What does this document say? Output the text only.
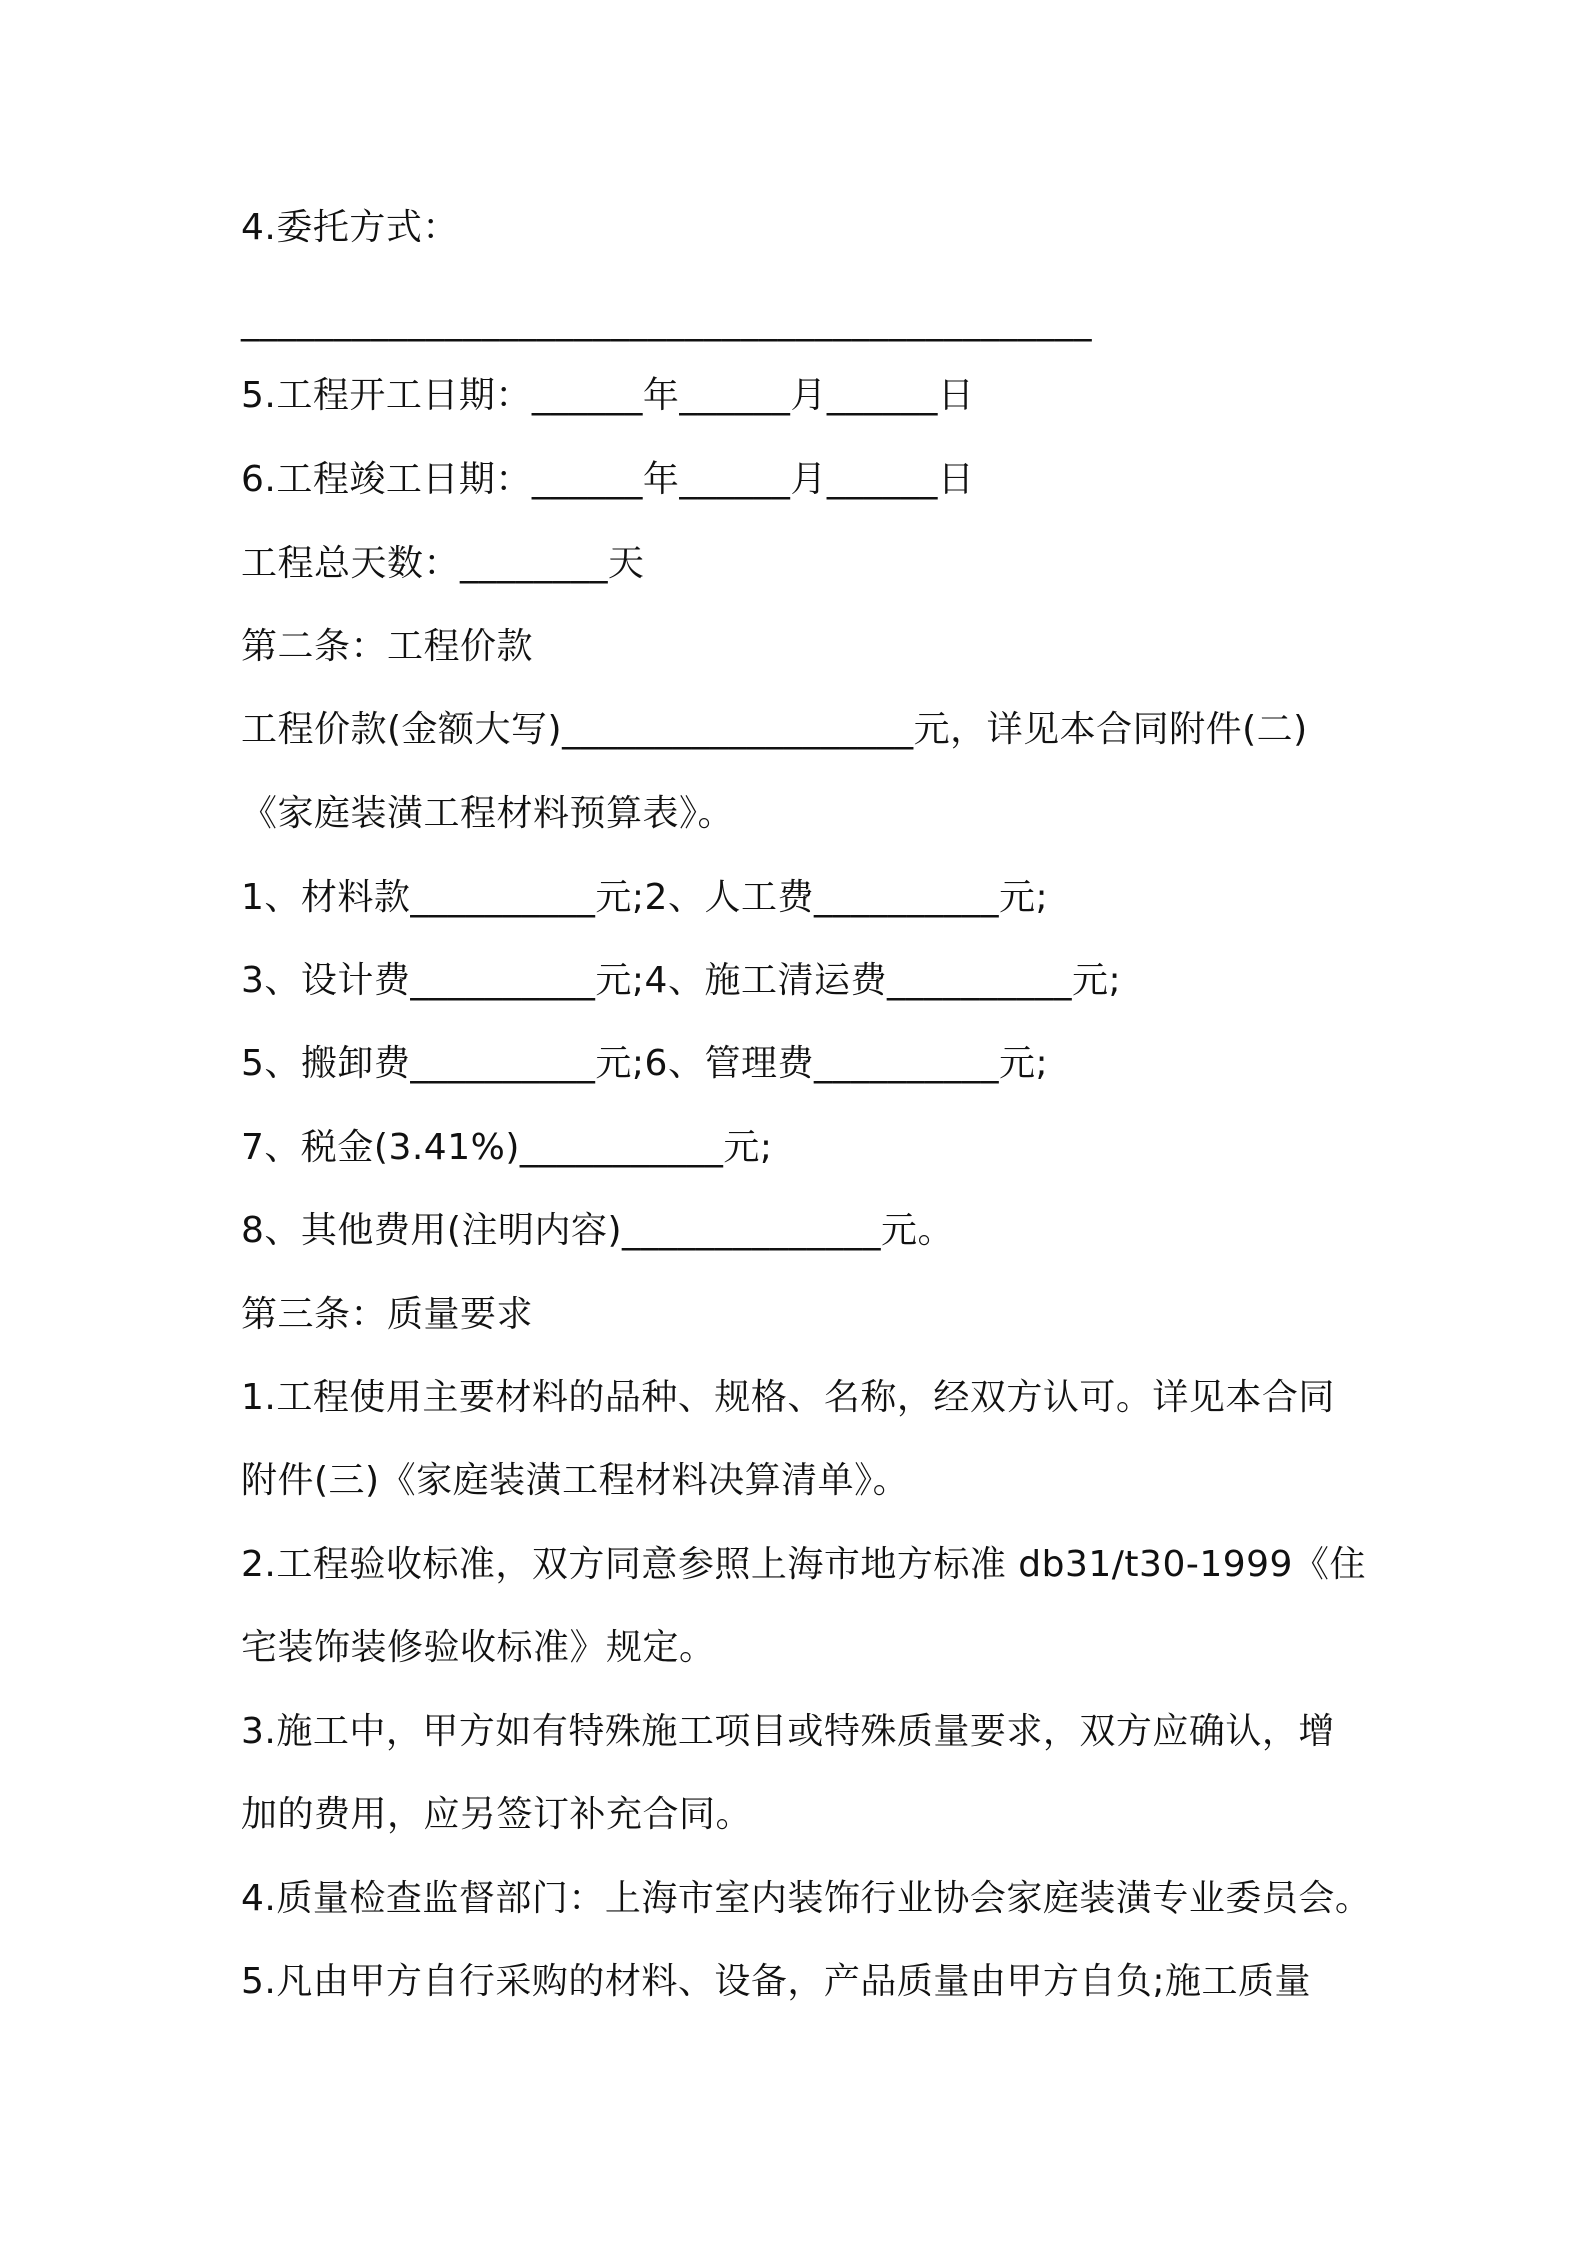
4.委托方式：
______________________________________________
5.工程开工日期：______年______月______日
6.工程竣工日期：______年______月______日
工程总天数：________天
第二条：工程价款
工程价款(金额大写)___________________元，详见本合同附件(二)
《家庭装潢工程材料预算表》。
1、材料款__________元;2、人工费__________元;
3、设计费__________元;4、施工清运费__________元;
5、搬卸费__________元;6、管理费__________元;
7、税金(3.41%)___________元;
8、其他费用(注明内容)______________元。
第三条：质量要求
1.工程使用主要材料的品种、规格、名称，经双方认可。详见本合同
附件(三)《家庭装潢工程材料决算清单》。
2.工程验收标准，双方同意参照上海市地方标准 db31/t30-1999《住
宅装饰装修验收标准》规定。
3.施工中，甲方如有特殊施工项目或特殊质量要求，双方应确认，增
加的费用，应另签订补充合同。
4.质量检查监督部门：上海市室内装饰行业协会家庭装潢专业委员会。
5.凡由甲方自行采购的材料、设备，产品质量由甲方自负;施工质量
